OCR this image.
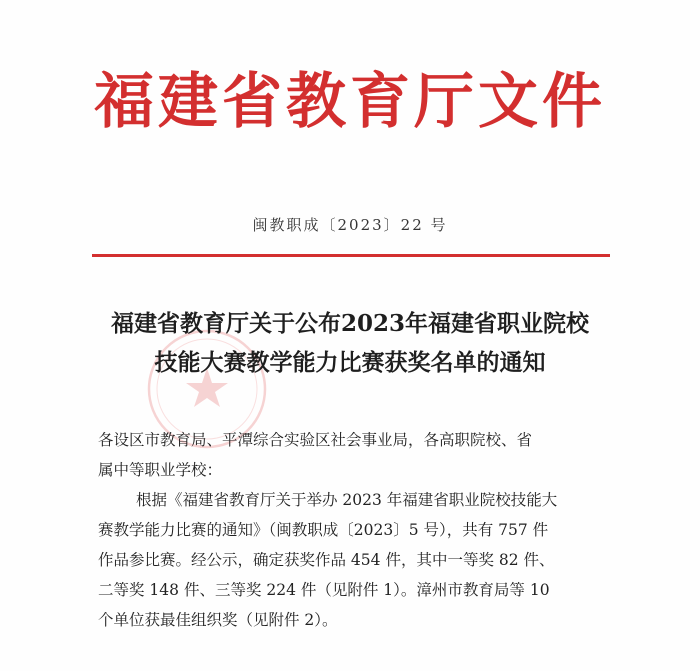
福建省教育厅文件
闽教职成〔2023〕22 号
福建省教育厅关于公布2023年福建省职业院校
技能大赛教学能力比赛获奖名单的通知
各设区市教育局、平潭综合实验区社会事业局，各高职院校、省
属中等职业学校：
根据《福建省教育厅关于举办 2023 年福建省职业院校技能大
赛教学能力比赛的通知》（闽教职成〔2023〕5 号），共有 757 件
作品参比赛。经公示，确定获奖作品 454 件，其中一等奖 82 件、
二等奖 148 件、三等奖 224 件（见附件 1）。漳州市教育局等 10
个单位获最佳组织奖（见附件 2）。
